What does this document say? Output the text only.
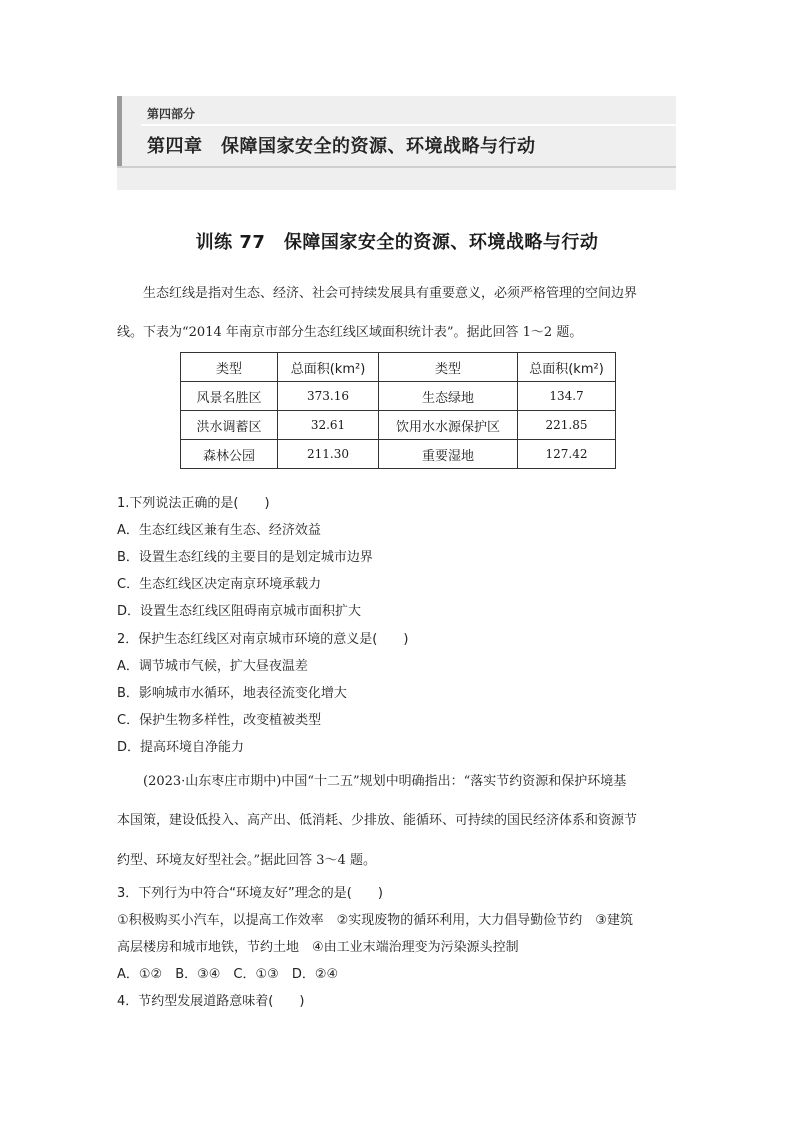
第四部分
第四章　保障国家安全的资源、环境战略与行动
训练 77　保障国家安全的资源、环境战略与行动
生态红线是指对生态、经济、社会可持续发展具有重要意义，必须严格管理的空间边界
线。下表为“2014 年南京市部分生态红线区域面积统计表”。据此回答 1～2 题。
类型	总面积(km²)	类型	总面积(km²)
风景名胜区	373.16	生态绿地	134.7
洪水调蓄区	32.61	饮用水水源保护区	221.85
森林公园	211.30	重要湿地	127.42
1.下列说法正确的是(　　)
A．生态红线区兼有生态、经济效益
B．设置生态红线的主要目的是划定城市边界
C．生态红线区决定南京环境承载力
D．设置生态红线区阻碍南京城市面积扩大
2．保护生态红线区对南京城市环境的意义是(　　)
A．调节城市气候，扩大昼夜温差
B．影响城市水循环，地表径流变化增大
C．保护生物多样性，改变植被类型
D．提高环境自净能力
(2023·山东枣庄市期中)中国“十二五”规划中明确指出：“落实节约资源和保护环境基
本国策，建设低投入、高产出、低消耗、少排放、能循环、可持续的国民经济体系和资源节
约型、环境友好型社会。”据此回答 3～4 题。
3．下列行为中符合“环境友好”理念的是(　　)
①积极购买小汽车，以提高工作效率　②实现废物的循环利用，大力倡导勤俭节约　③建筑
高层楼房和城市地铁，节约土地　④由工业末端治理变为污染源头控制
A．①②　B．③④　C．①③　D．②④
4．节约型发展道路意味着(　　)
